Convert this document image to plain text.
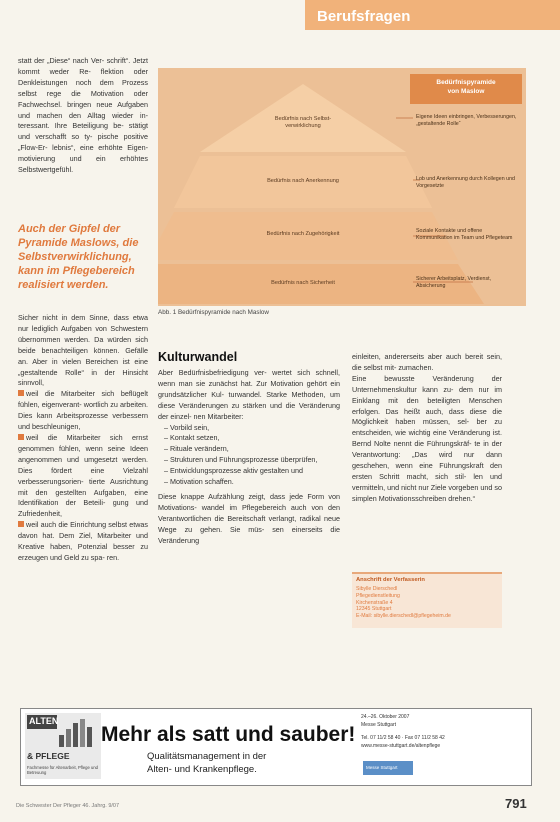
Berufsfragen

statt der „Diese“ nach Ver- schrift“. Jetzt kommt weder Re- flektion oder Denkleistungen noch dem Prozess selbst rege die Motivation oder Fachwechsel. bringen neue Aufgaben und machen den Alltag wieder in- teressant. Ihre Beteiligung be- stätigt und verschafft so ty- pische positive „Flow-Er- lebnis“, eine erhöhte Eigen- motivierung und ein erhöhtes Selbstwertgefühl.

Auch der Gipfel der Pyramide Maslows, die Selbstverwirklichung, kann im Pflegebereich realisiert werden.

Sicher nicht in dem Sinne, dass etwa nur lediglich Aufgaben von Schwestern übernommen werden. Da würden sich beide benachteiligen können. Gefälle an. Aber in vielen Bereichen ist eine „gestaltende Rolle“ in der Hinsicht sinnvoll,

weil die Mitarbeiter sich beflügelt fühlen, eigenverant- wortlich zu arbeiten. Dies kann Arbeitsprozesse verbessern und beschleunigen,

weil die Mitarbeiter sich ernst genommen fühlen, wenn seine Ideen angenommen und umgesetzt werden. Dies fördert eine Vielzahl verbesserungsorien- tierte Ausrichtung mit den gestellten Aufgaben, eine Identifikation der Beteili- gung und Zufriedenheit,

weil auch die Einrichtung selbst etwas davon hat. Dem Ziel, Mitarbeiter und Kreative haben, Potenzial besser zu erzeugen und Geld zu spa- ren.

Bedürfnispyramide
von Maslow
Bedürfnis nach Selbst- verwirklichung
Bedürfnis nach Anerkennung
Bedürfnis nach Zugehörigkeit
Bedürfnis nach Sicherheit
Eigene Ideen einbringen, Verbesserungen, „gestaltende Rolle“
Lob und Anerkennung durch Kollegen und Vorgesetzte
Soziale Kontakte und offene Kommunikation im Team und Pflegeteam
Sicherer Arbeitsplatz, Verdienst, Absicherung
Abb. 1 Bedürfnispyramide nach Maslow
Kulturwandel

Aber Bedürfnisbefriedigung ver- wertet sich schnell, wenn man sie zunächst hat. Zur Motivation gehört ein grundsätzlicher Kul- turwandel. Starke Methoden, um diese Veränderungen zu stärken und die Veränderung der einzel- nen Mitarbeiter:

– Vorbild sein,
– Kontakt setzen,
– Rituale verändern,
– Strukturen und Führungsprozesse überprüfen,
– Entwicklungsprozesse aktiv gestalten und
– Motivation schaffen.

Diese knappe Aufzählung zeigt, dass jede Form von Motivations- wandel im Pflegebereich auch von den Verantwortlichen die Bereitschaft verlangt, radikal neue Wege zu gehen. Sie müs- sen einerseits die Veränderung

einleiten, andererseits aber auch bereit sein, die selbst mit- zumachen.

Eine bewusste Veränderung der Unternehmenskultur kann zu- dem nur im Einklang mit den beteiligten Menschen erfolgen. Das heißt auch, dass diese die Möglichkeit haben müssen, sel- ber zu entscheiden, wie wichtig eine Veränderung ist. Bernd Nolte nennt die Führungskräf- te in der Verantwortung: „Das wird nur dann geschehen, wenn eine Führungskraft den ersten Schritt macht, sich stil- len und vermitteln, und nicht nur Ziele vorgeben und so simplen Motivationsschreiben drehen.“

Anschrift der Verfasserin
Sibylle Dierschedl
Pflegedienstleitung
Kirchenstraße 4
12345 Stuttgart
E-Mail: sibylle.dierschedl@pflegeheim.de
ALTEN
& PFLEGE
Fachmesse für Altenarbeit, Pflege und Betreuung
Mehr als satt und sauber!
Qualitätsmanagement in der
Alten- und Krankenpflege.
24.–26. Oktober 2007
Messe Stuttgart
Tel. 07 11/2 58 40 · Fax 07 11/2 58 42
www.messe-stuttgart.de/altenpflege
Messe Stuttgart
Die Schwester Der Pfleger 46. Jahrg. 9/07	791
